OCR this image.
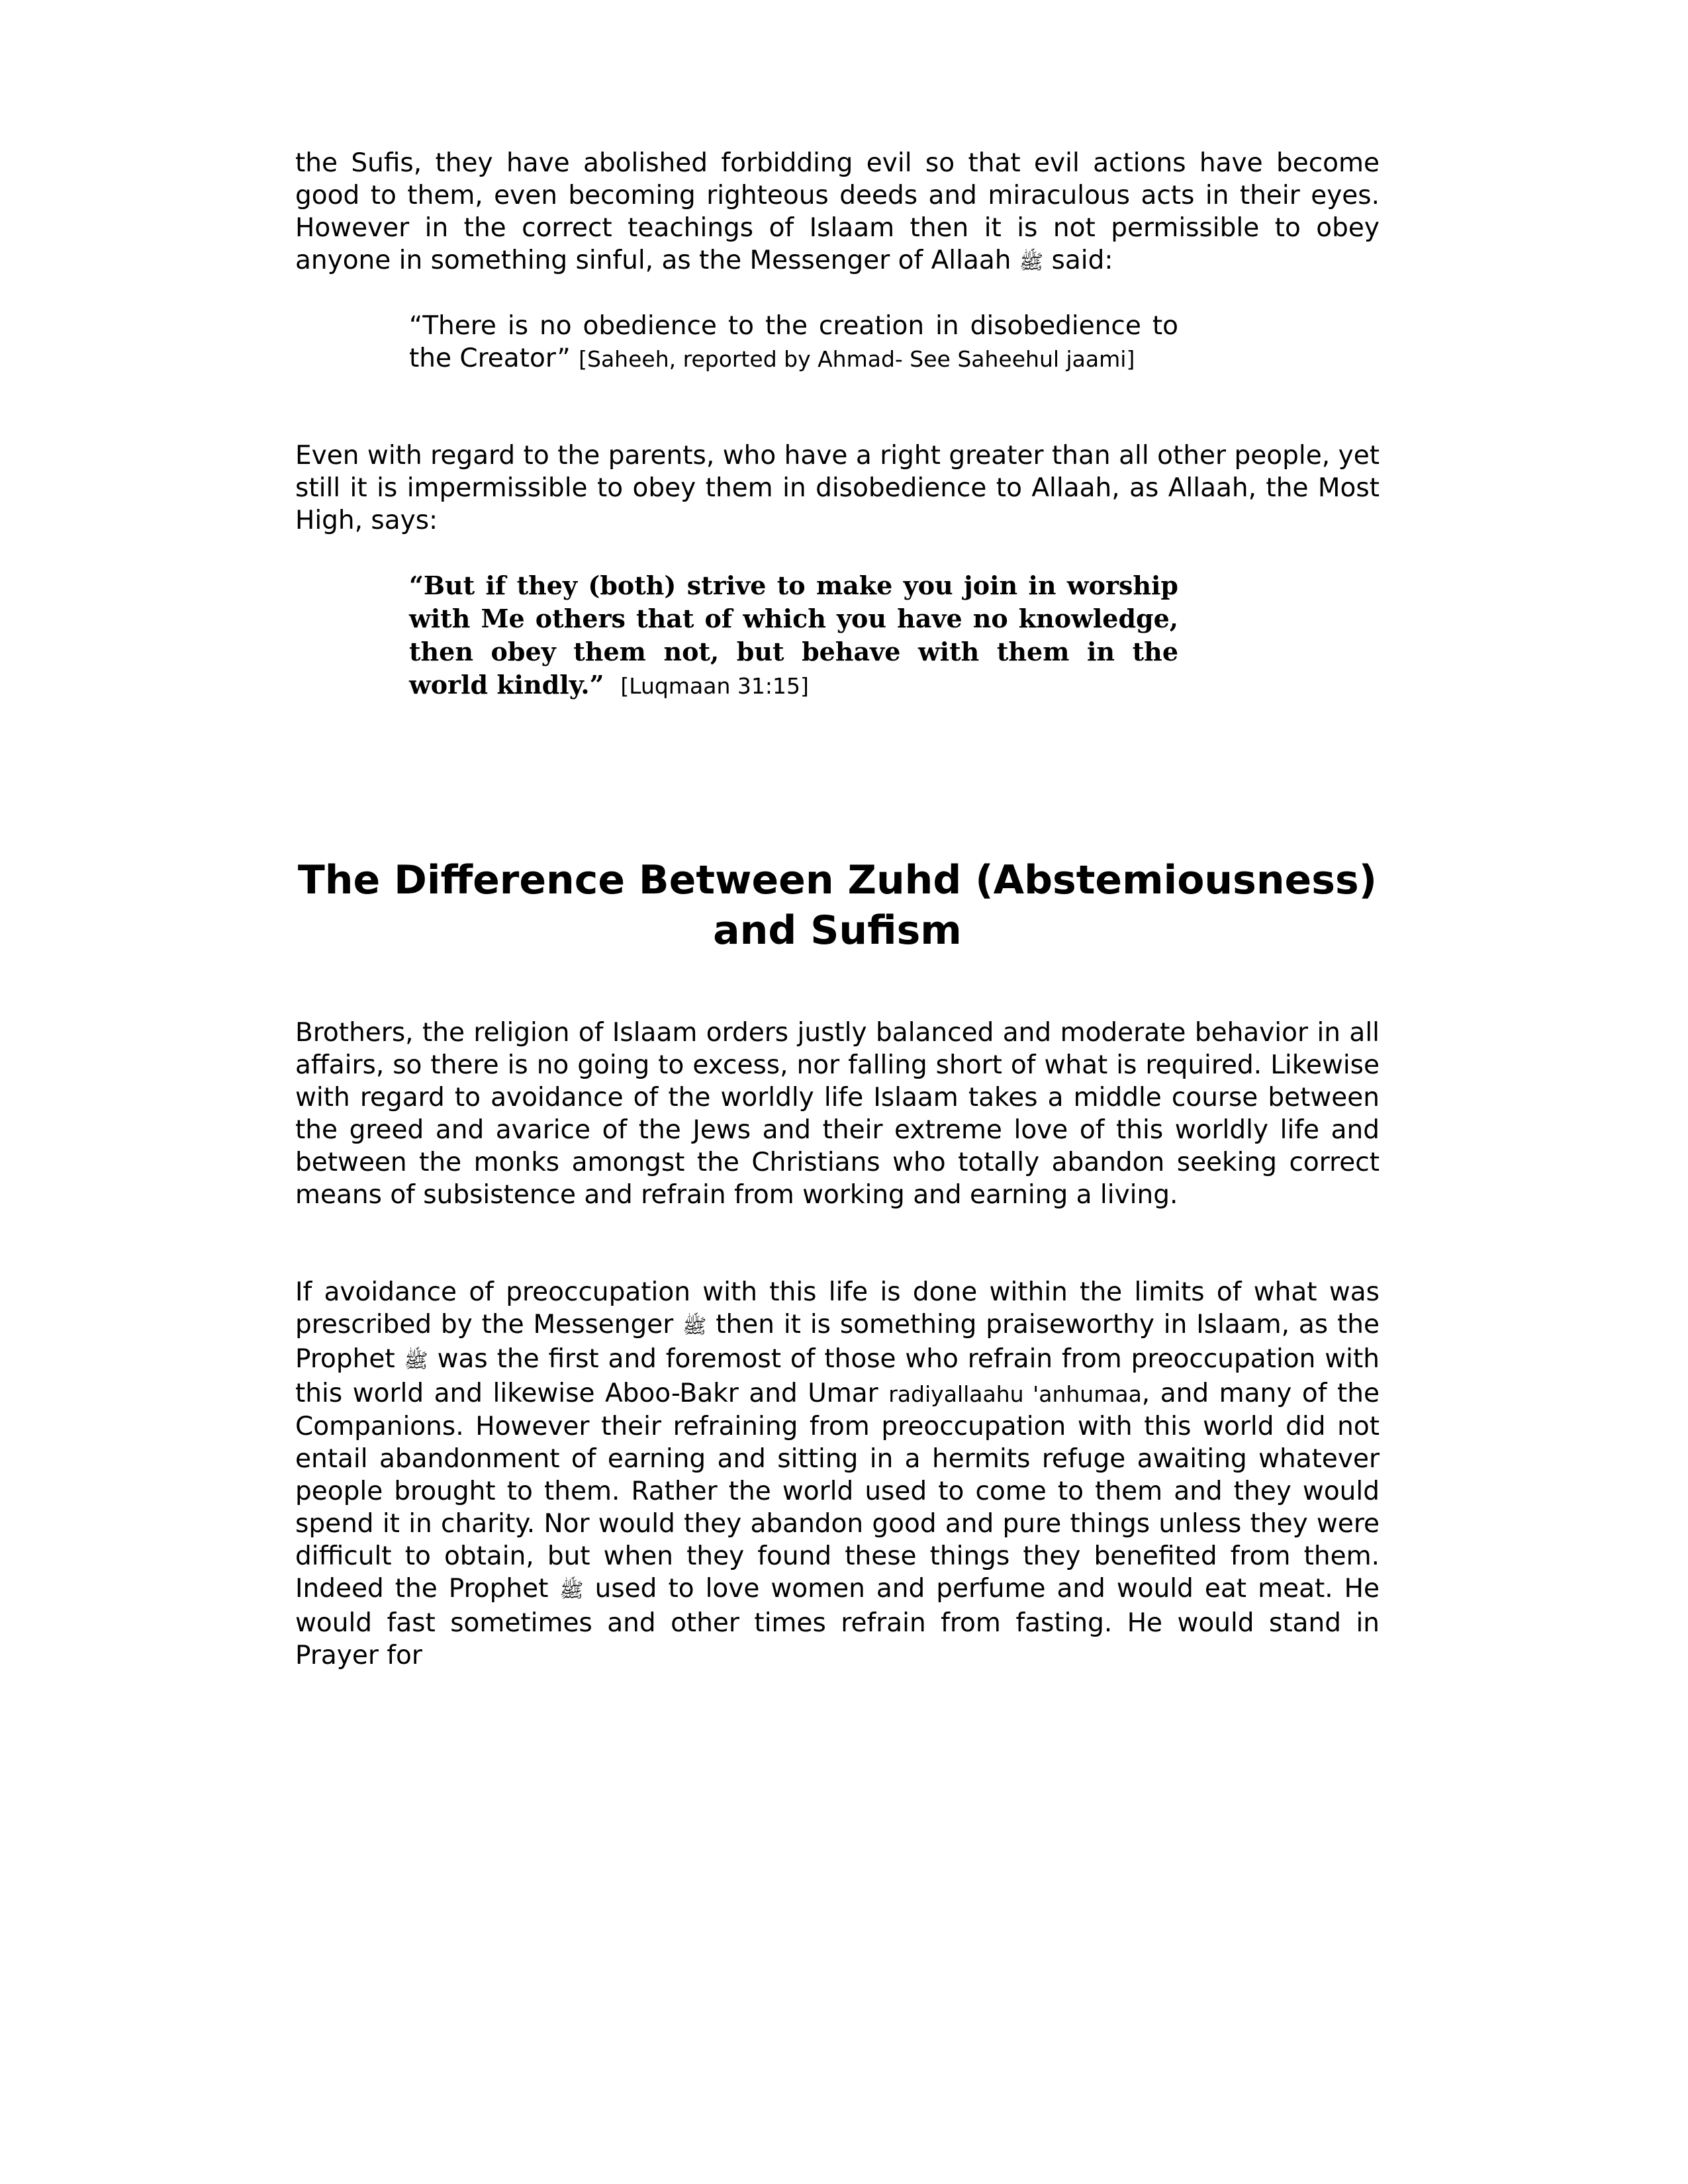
the Sufis, they have abolished forbidding evil so that evil actions have become good to them, even becoming righteous deeds and miraculous acts in their eyes. However in the correct teachings of Islaam then it is not permissible to obey anyone in something sinful, as the Messenger of Allaah ﷺ said:

“There is no obedience to the creation in disobedience to the Creator” [Saheeh, reported by Ahmad- See Saheehul jaami]

Even with regard to the parents, who have a right greater than all other people, yet still it is impermissible to obey them in disobedience to Allaah, as Allaah, the Most High, says:

“But if they (both) strive to make you join in worship with Me others that of which you have no knowledge, then obey them not, but behave with them in the world kindly.” [Luqmaan 31:15]

The Difference Between Zuhd (Abstemiousness)
and Sufism

Brothers, the religion of Islaam orders justly balanced and moderate behavior in all affairs, so there is no going to excess, nor falling short of what is required. Likewise with regard to avoidance of the worldly life Islaam takes a middle course between the greed and avarice of the Jews and their extreme love of this worldly life and between the monks amongst the Christians who totally abandon seeking correct means of subsistence and refrain from working and earning a living.

If avoidance of preoccupation with this life is done within the limits of what was prescribed by the Messenger ﷺ then it is something praiseworthy in Islaam, as the Prophet ﷺ was the first and foremost of those who refrain from preoccupation with this world and likewise Aboo-Bakr and Umar radiyallaahu 'anhumaa, and many of the Companions. However their refraining from preoccupation with this world did not entail abandonment of earning and sitting in a hermits refuge awaiting whatever people brought to them. Rather the world used to come to them and they would spend it in charity. Nor would they abandon good and pure things unless they were difficult to obtain, but when they found these things they benefited from them. Indeed the Prophet ﷺ used to love women and perfume and would eat meat. He would fast sometimes and other times refrain from fasting. He would stand in Prayer for
